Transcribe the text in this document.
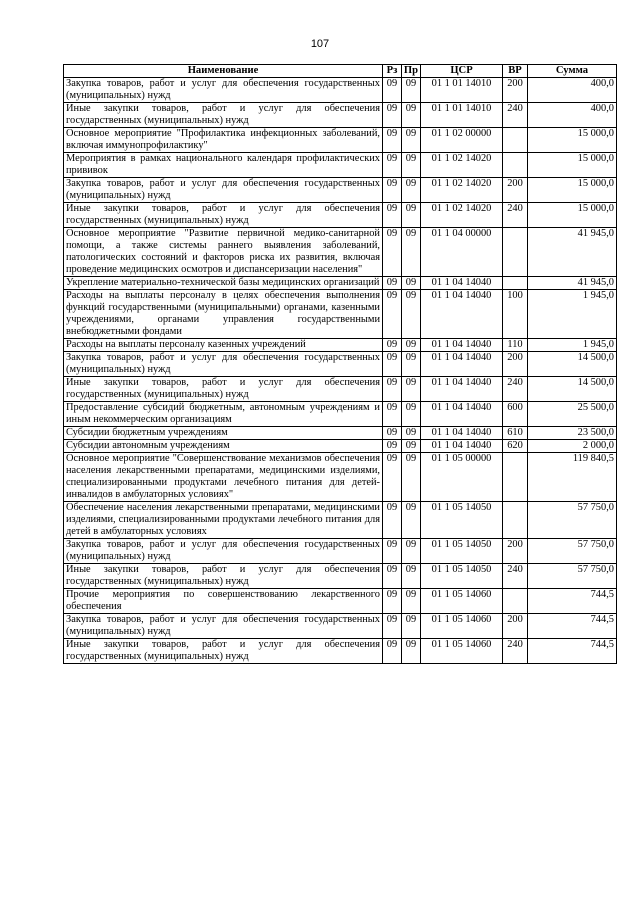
107
Наименование	Рз	Пр	ЦСР	ВР	Сумма
Закупка товаров, работ и услуг для обеспечения государственных (муниципальных) нужд	09	09	01 1 01 14010	200	400,0
Иные закупки товаров, работ и услуг для обеспечения государственных (муниципальных) нужд	09	09	01 1 01 14010	240	400,0
Основное мероприятие "Профилактика инфекционных заболеваний, включая иммунопрофилактику"	09	09	01 1 02 00000		15 000,0
Мероприятия в рамках национального календаря профилактических прививок	09	09	01 1 02 14020		15 000,0
Закупка товаров, работ и услуг для обеспечения государственных (муниципальных) нужд	09	09	01 1 02 14020	200	15 000,0
Иные закупки товаров, работ и услуг для обеспечения государственных (муниципальных) нужд	09	09	01 1 02 14020	240	15 000,0
Основное мероприятие "Развитие первичной медико-санитарной помощи, а также системы раннего выявления заболеваний, патологических состояний и факторов риска их развития, включая проведение медицинских осмотров и диспансеризации населения"	09	09	01 1 04 00000		41 945,0
Укрепление материально-технической базы медицинских организаций	09	09	01 1 04 14040		41 945,0
Расходы на выплаты персоналу в целях обеспечения выполнения функций государственными (муниципальными) органами, казенными учреждениями, органами управления государственными внебюджетными фондами	09	09	01 1 04 14040	100	1 945,0
Расходы на выплаты персоналу казенных учреждений	09	09	01 1 04 14040	110	1 945,0
Закупка товаров, работ и услуг для обеспечения государственных (муниципальных) нужд	09	09	01 1 04 14040	200	14 500,0
Иные закупки товаров, работ и услуг для обеспечения государственных (муниципальных) нужд	09	09	01 1 04 14040	240	14 500,0
Предоставление субсидий бюджетным, автономным учреждениям и иным некоммерческим организациям	09	09	01 1 04 14040	600	25 500,0
Субсидии бюджетным учреждениям	09	09	01 1 04 14040	610	23 500,0
Субсидии автономным учреждениям	09	09	01 1 04 14040	620	2 000,0
Основное мероприятие "Совершенствование механизмов обеспечения населения лекарственными препаратами, медицинскими изделиями, специализированными продуктами лечебного питания для детей-инвалидов в амбулаторных условиях"	09	09	01 1 05 00000		119 840,5
Обеспечение населения лекарственными препаратами, медицинскими изделиями, специализированными продуктами лечебного питания для детей в амбулаторных условиях	09	09	01 1 05 14050		57 750,0
Закупка товаров, работ и услуг для обеспечения государственных (муниципальных) нужд	09	09	01 1 05 14050	200	57 750,0
Иные закупки товаров, работ и услуг для обеспечения государственных (муниципальных) нужд	09	09	01 1 05 14050	240	57 750,0
Прочие мероприятия по совершенствованию лекарственного обеспечения	09	09	01 1 05 14060		744,5
Закупка товаров, работ и услуг для обеспечения государственных (муниципальных) нужд	09	09	01 1 05 14060	200	744,5
Иные закупки товаров, работ и услуг для обеспечения государственных (муниципальных) нужд	09	09	01 1 05 14060	240	744,5
